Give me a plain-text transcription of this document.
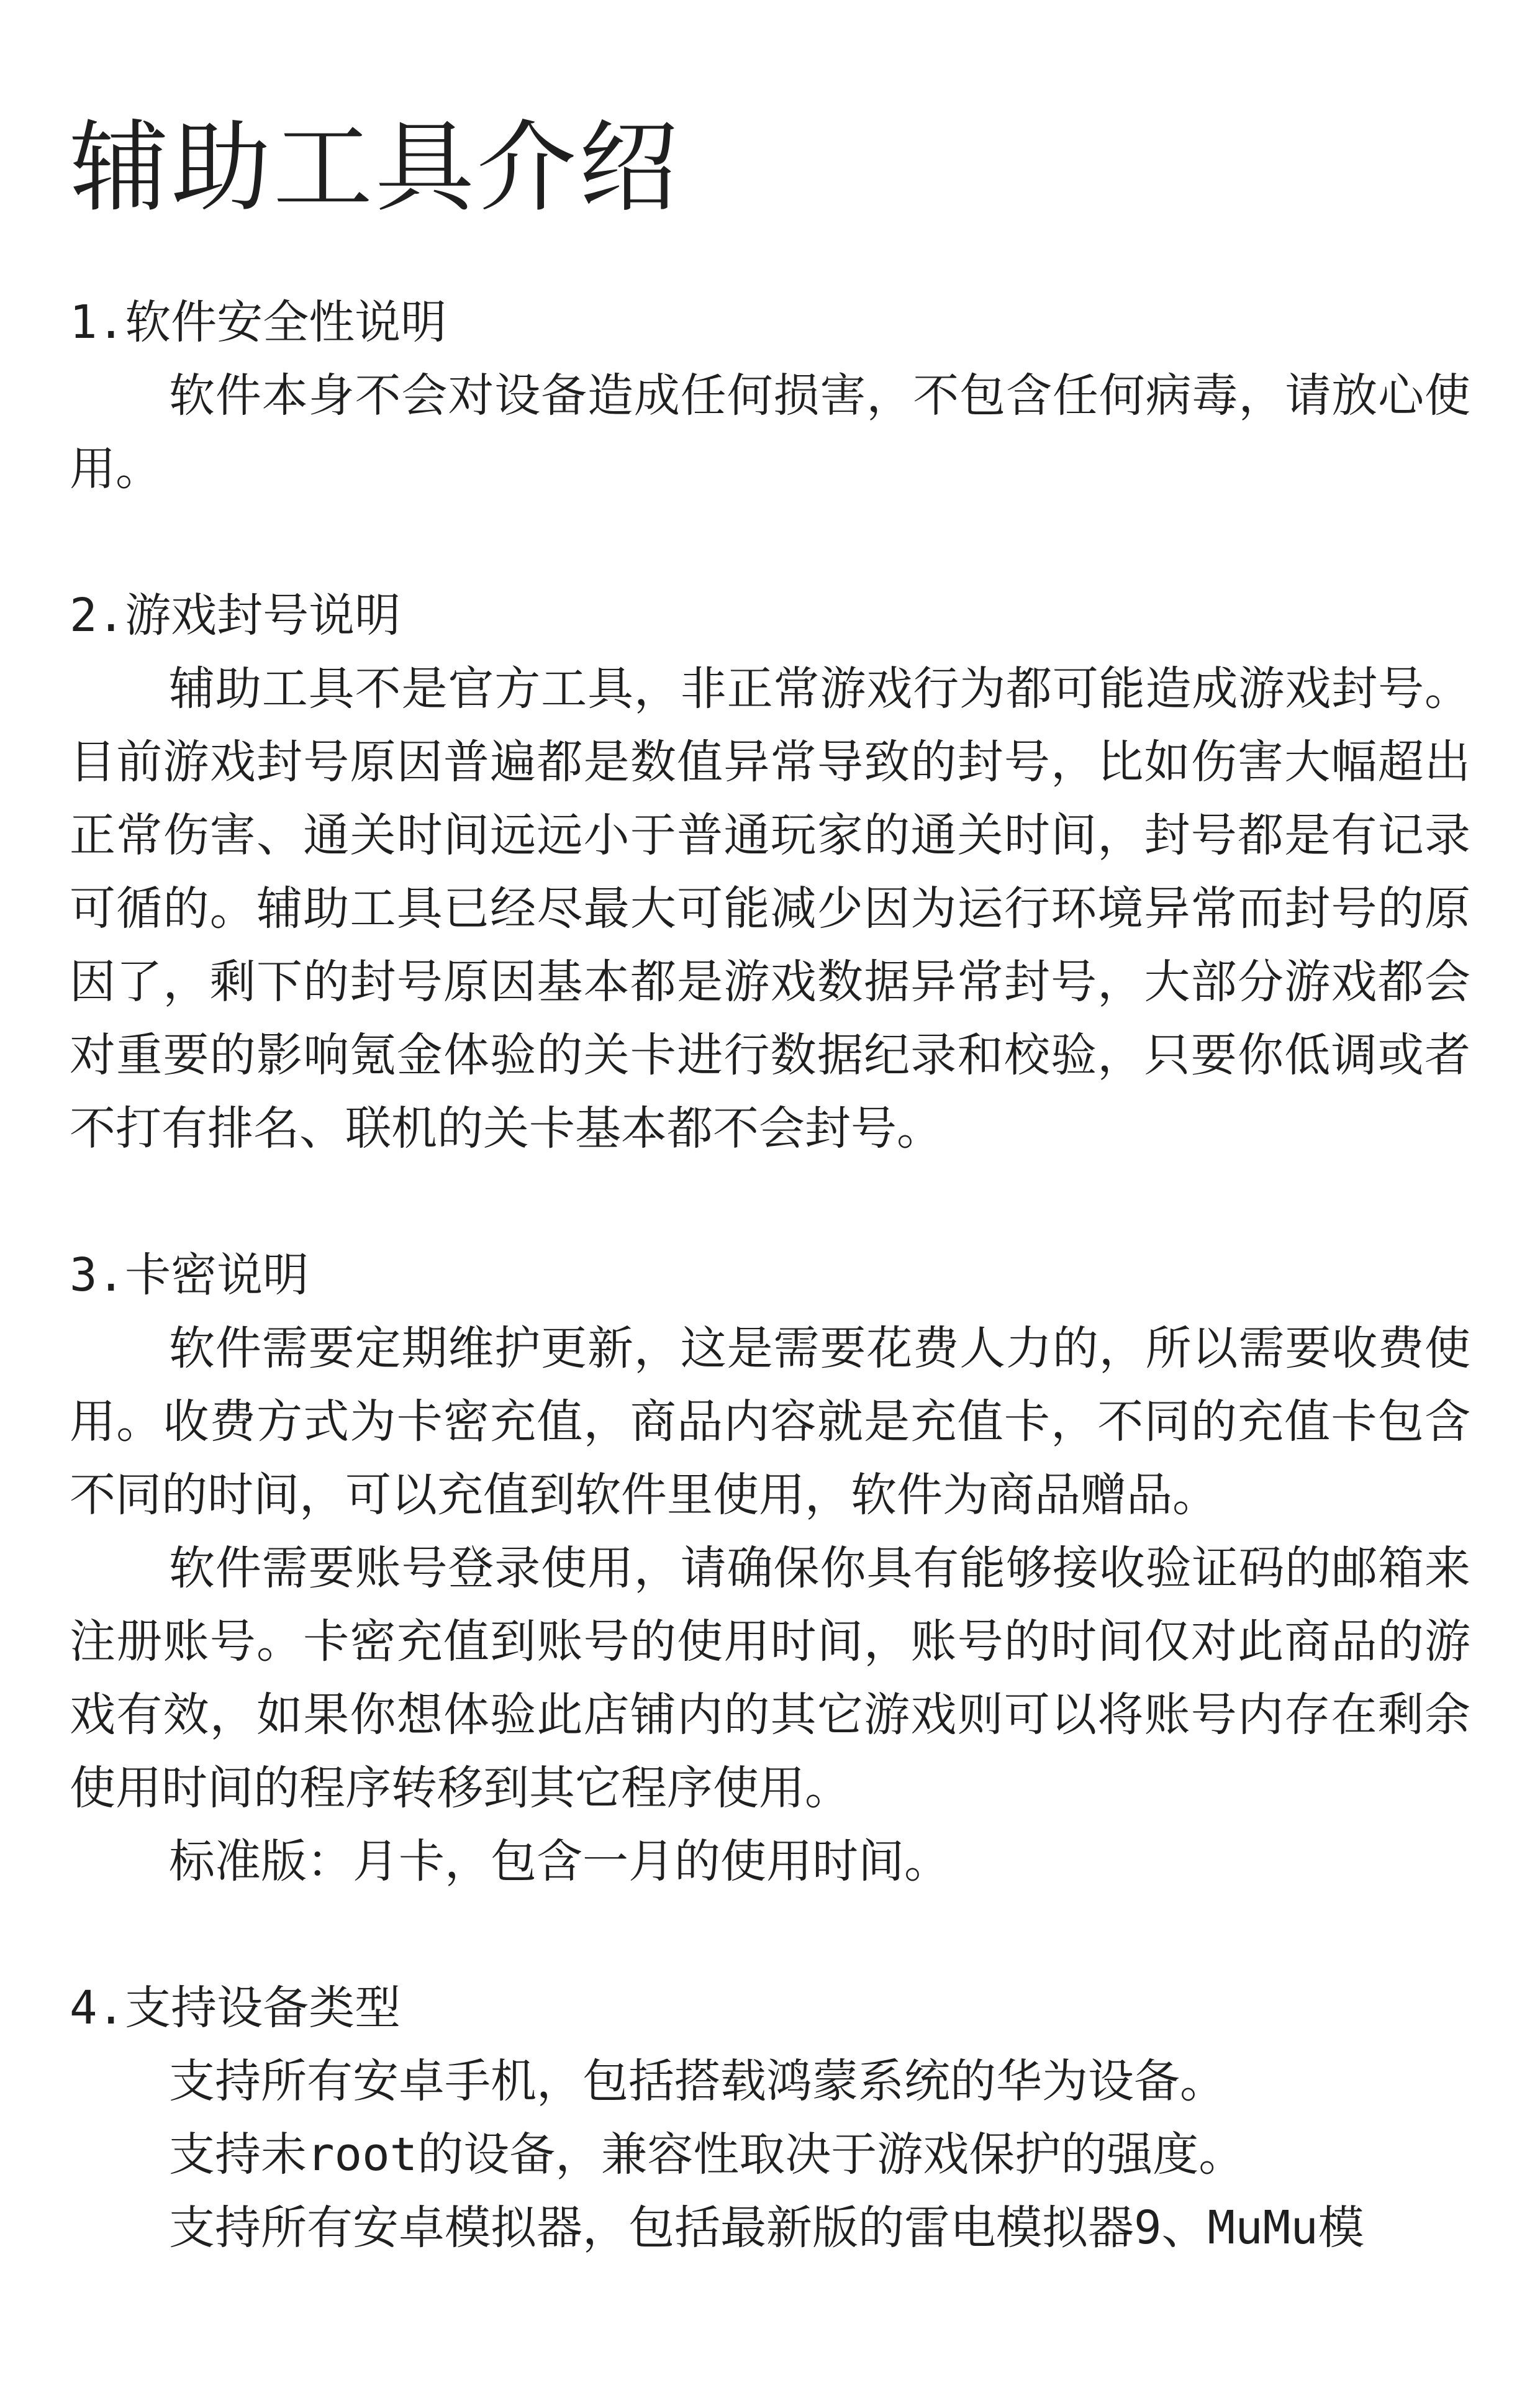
辅助工具介绍

1.软件安全性说明

软件本身不会对设备造成任何损害，不包含任何病毒，请放心使用。

2.游戏封号说明

辅助工具不是官方工具，非正常游戏行为都可能造成游戏封号。目前游戏封号原因普遍都是数值异常导致的封号，比如伤害大幅超出正常伤害、通关时间远远小于普通玩家的通关时间，封号都是有记录可循的。辅助工具已经尽最大可能减少因为运行环境异常而封号的原因了，剩下的封号原因基本都是游戏数据异常封号，大部分游戏都会对重要的影响氪金体验的关卡进行数据纪录和校验，只要你低调或者不打有排名、联机的关卡基本都不会封号。

3.卡密说明

软件需要定期维护更新，这是需要花费人力的，所以需要收费使用。收费方式为卡密充值，商品内容就是充值卡，不同的充值卡包含不同的时间，可以充值到软件里使用，软件为商品赠品。

软件需要账号登录使用，请确保你具有能够接收验证码的邮箱来注册账号。卡密充值到账号的使用时间，账号的时间仅对此商品的游戏有效，如果你想体验此店铺内的其它游戏则可以将账号内存在剩余使用时间的程序转移到其它程序使用。

标准版：月卡，包含一月的使用时间。

4.支持设备类型

支持所有安卓手机，包括搭载鸿蒙系统的华为设备。

支持未root的设备，兼容性取决于游戏保护的强度。

支持所有安卓模拟器，包括最新版的雷电模拟器9、MuMu模
